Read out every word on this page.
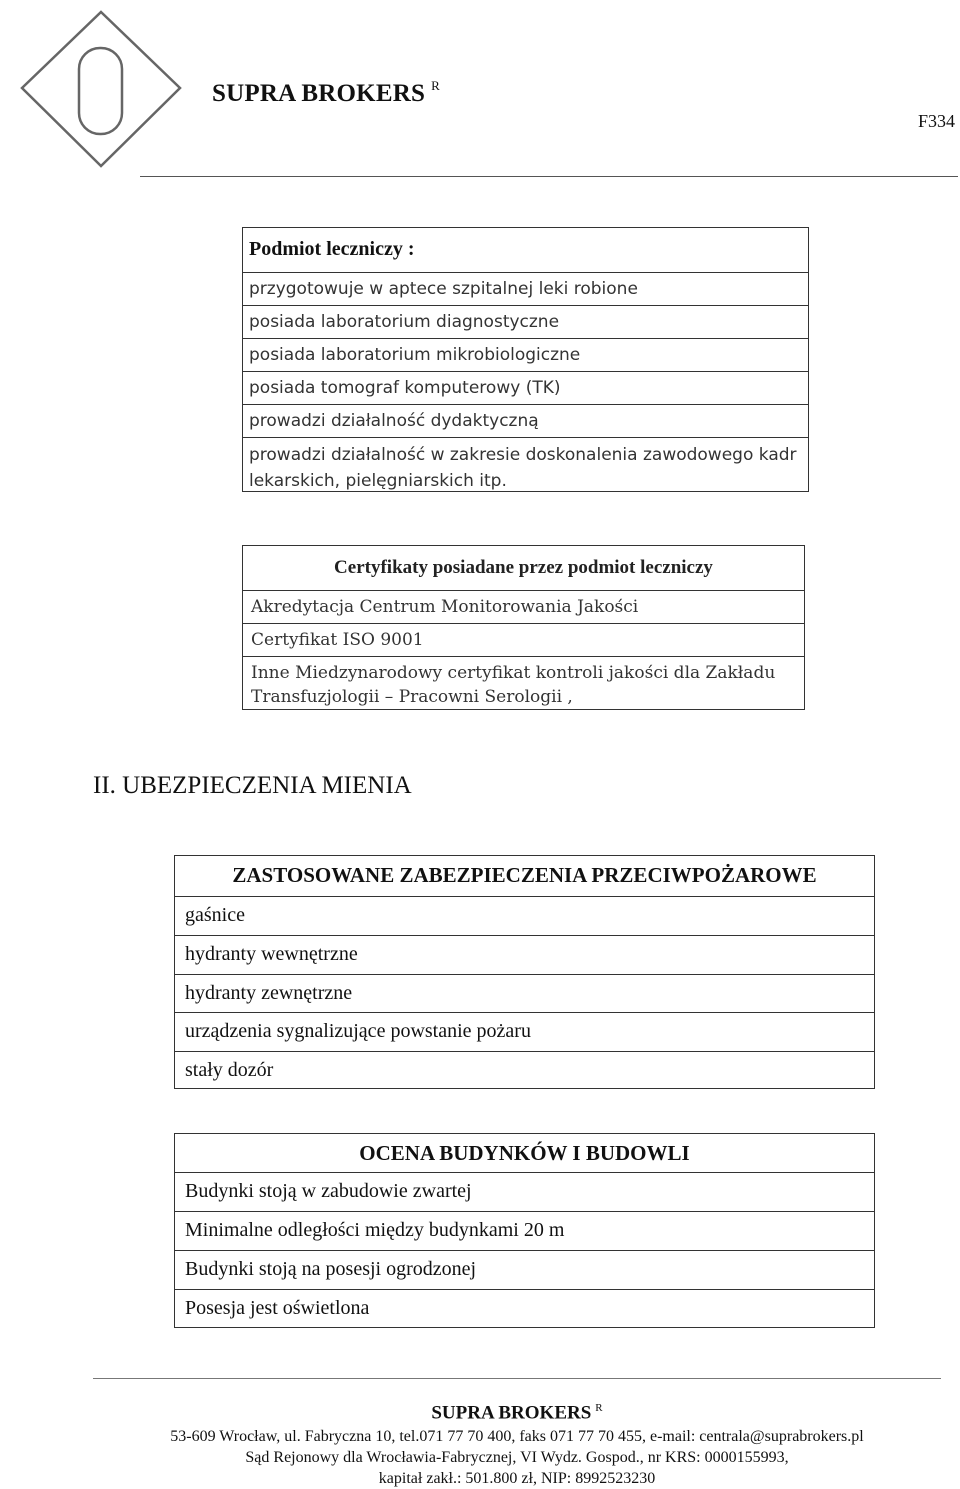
SUPRA BROKERS $^R$
F334
Podmiot leczniczy :
przygotowuje w aptece szpitalnej leki robione
posiada laboratorium diagnostyczne
posiada laboratorium mikrobiologiczne
posiada tomograf komputerowy (TK)
prowadzi działalność dydaktyczną
prowadzi działalność w zakresie doskonalenia zawodowego kadr lekarskich, pielęgniarskich itp.
Certyfikaty posiadane przez podmiot leczniczy
Akredytacja Centrum Monitorowania Jakości
Certyfikat ISO 9001
Inne Miedzynarodowy certyfikat kontroli jakości dla Zakładu Transfuzjologii – Pracowni Serologii ,
II. UBEZPIECZENIA MIENIA
ZASTOSOWANE ZABEZPIECZENIA PRZECIWPOŻAROWE
gaśnice
hydranty wewnętrzne
hydranty zewnętrzne
urządzenia sygnalizujące powstanie pożaru
stały dozór
OCENA BUDYNKÓW I BUDOWLI
Budynki stoją w zabudowie zwartej
Minimalne odległości między budynkami 20 m
Budynki stoją na posesji ogrodzonej
Posesja jest oświetlona
SUPRA BROKERS $^R$
53-609 Wrocław, ul. Fabryczna 10, tel.071 77 70 400, faks 071 77 70 455, e-mail: centrala@suprabrokers.pl
Sąd Rejonowy dla Wrocławia-Fabrycznej, VI Wydz. Gospod., nr KRS: 0000155993,
kapitał zakł.: 501.800 zł, NIP: 8992523230
